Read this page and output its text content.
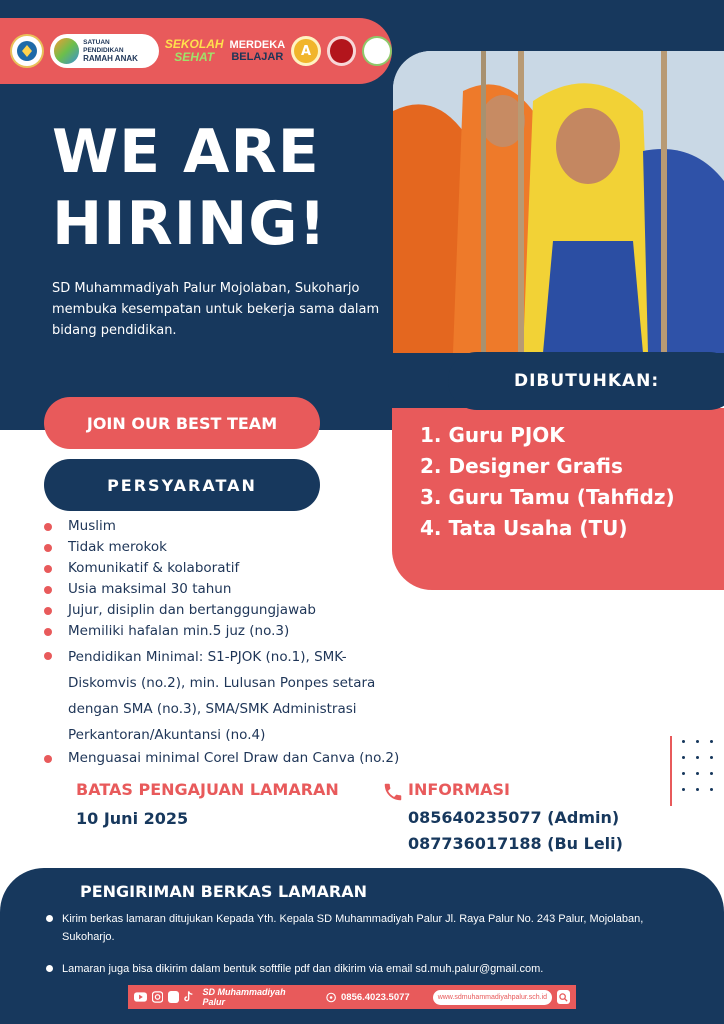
SATUAN PENDIDIKAN
RAMAH ANAK
SEKOLAH
SEHAT
MERDEKA
BELAJAR	A
WE ARE HIRING!
SD Muhammadiyah Palur Mojolaban, Sukoharjo membuka kesempatan untuk bekerja sama dalam bidang pendidikan.
DIBUTUHKAN:
1. Guru PJOK
2. Designer Grafis
3. Guru Tamu (Tahfidz)
4. Tata Usaha (TU)
JOIN OUR BEST TEAM
PERSYARATAN
Muslim
Tidak merokok
Komunikatif & kolaboratif
Usia maksimal 30 tahun
Jujur, disiplin dan bertanggungjawab
Memiliki hafalan min.5 juz (no.3)
Pendidikan Minimal: S1-PJOK (no.1), SMK-Diskomvis (no.2), min. Lulusan Ponpes setara dengan SMA (no.3), SMA/SMK Administrasi Perkantoran/Akuntansi (no.4)
Menguasai minimal Corel Draw dan Canva (no.2)
BATAS PENGAJUAN LAMARAN
10 Juni 2025
INFORMASI
085640235077 (Admin)
087736017188 (Bu Leli)
PENGIRIMAN BERKAS LAMARAN
Kirim berkas lamaran ditujukan Kepada Yth. Kepala SD Muhammadiyah Palur Jl. Raya Palur No. 243 Palur, Mojolaban, Sukoharjo.
Lamaran juga bisa dikirim dalam bentuk softfile pdf dan dikirim via email sd.muh.palur@gmail.com.
SD Muhammadiyah Palur	0856.4023.5077	www.sdmuhammadiyahpalur.sch.id
